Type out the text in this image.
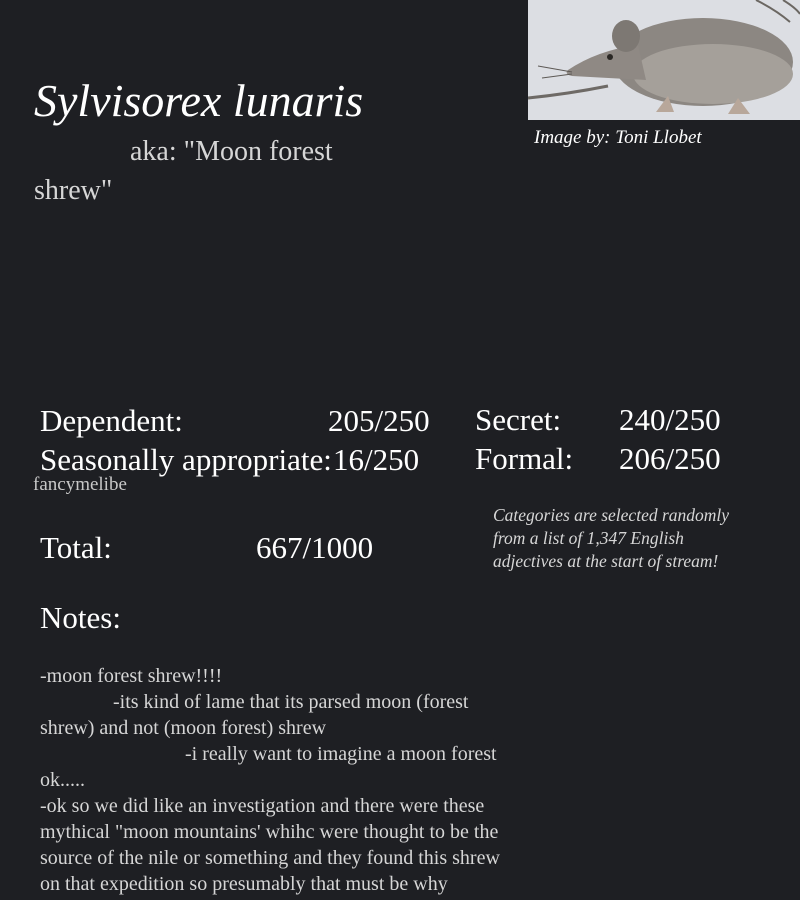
Image by: Toni Llobet
Sylvisorex lunaris
aka: "Moon forest shrew"
Dependent:	205/250
Seasonally appropriate: 16/250
Secret: 240/250
Formal: 206/250
fancymelibe
Total:	667/1000
Categories are selected randomly from a list of 1,347 English adjectives at the start of stream!
Notes:
-moon forest shrew!!!!
-its kind of lame that its parsed moon (forest
shrew) and not (moon forest) shrew
-i really want to imagine a moon forest
ok.....
-ok so we did like an investigation and there were these
mythical "moon mountains' whihc were thought to be the
source of the nile or something and they found this shrew
on that expedition so presumably that must be why
